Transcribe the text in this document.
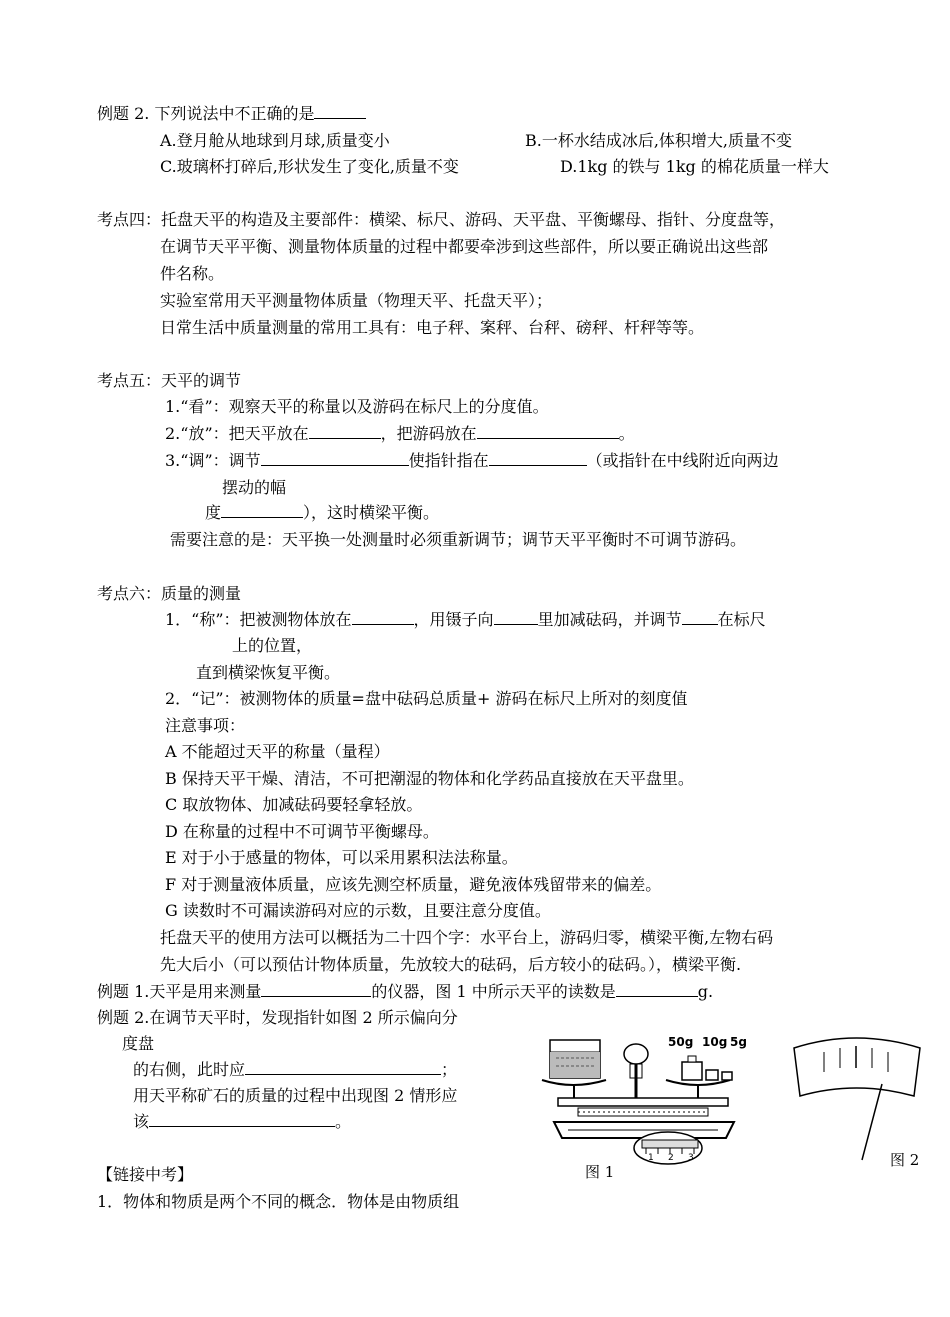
例题 2. 下列说法中不正确的是
A.登月舱从地球到月球,质量变小	B.一杯水结成冰后,体积增大,质量不变
C.玻璃杯打碎后,形状发生了变化,质量不变	D.1kg 的铁与 1kg 的棉花质量一样大
考点四：托盘天平的构造及主要部件：横梁、标尺、游码、天平盘、平衡螺母、指针、分度盘等，
在调节天平平衡、测量物体质量的过程中都要牵涉到这些部件，所以要正确说出这些部
件名称。
实验室常用天平测量物体质量（物理天平、托盘天平）；
日常生活中质量测量的常用工具有：电子秤、案秤、台秤、磅秤、杆秤等等。
考点五：天平的调节
1.“看”：观察天平的称量以及游码在标尺上的分度值。
2.“放”：把天平放在	，把游码放在	。
3.“调”：调节	使指针指在	（或指针在中线附近向两边
摆动的幅
度	），这时横梁平衡。
需要注意的是：天平换一处测量时必须重新调节；调节天平平衡时不可调节游码。
考点六：质量的测量
1．“称”：把被测物体放在	，用镊子向	里加减砝码，并调节 在标尺
上的位置，
直到横梁恢复平衡。
2．“记”：被测物体的质量=盘中砝码总质量+ 游码在标尺上所对的刻度值
注意事项：
A 不能超过天平的称量（量程）
B 保持天平干燥、清洁，不可把潮湿的物体和化学药品直接放在天平盘里。
C 取放物体、加减砝码要轻拿轻放。
D 在称量的过程中不可调节平衡螺母。
E 对于小于感量的物体，可以采用累积法法称量。
F 对于测量液体质量，应该先测空杯质量，避免液体残留带来的偏差。
G 读数时不可漏读游码对应的示数，且要注意分度值。
托盘天平的使用方法可以概括为二十四个字：水平台上，游码归零，横梁平衡,左物右码
先大后小（可以预估计物体质量，先放较大的砝码，后方较小的砝码。），横梁平衡.
例题 1.天平是用来测量	的仪器，图 1 中所示天平的读数是	g.
例题 2.在调节天平时，发现指针如图 2 所示偏向分
度盘
的右侧，此时应	；
用天平称矿石的质量的过程中出现图 2 情形应
该	。
【链接中考】
1．物体和物质是两个不同的概念．物体是由物质组
50g 10g 5g
1 2 3
图 1
图 2
